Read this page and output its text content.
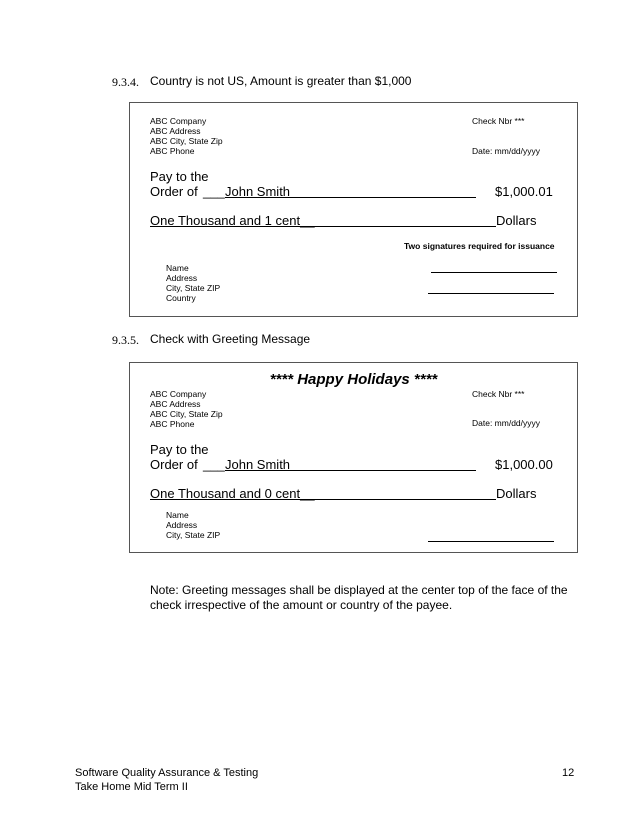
9.3.4. Country is not US, Amount is greater than $1,000
ABC Company
ABC Address
ABC City, State Zip
ABC Phone
Check Nbr ***
Date: mm/dd/yyyy
Pay to the
Order of ___ John Smith	$1,000.01
One Thousand and 1 cent__	Dollars
Two signatures required for issuance
Name
Address
City, State ZIP
Country
9.3.5. Check with Greeting Message
**** Happy Holidays ****
ABC Company
ABC Address
ABC City, State Zip
ABC Phone
Check Nbr ***
Date: mm/dd/yyyy
Pay to the
Order of ___ John Smith	$1,000.00
One Thousand and 0 cent__	Dollars
Name
Address
City, State ZIP
Note: Greeting messages shall be displayed at the center top of the face of the
check irrespective of the amount or country of the payee.
Software Quality Assurance & Testing
Take Home Mid Term II
12
